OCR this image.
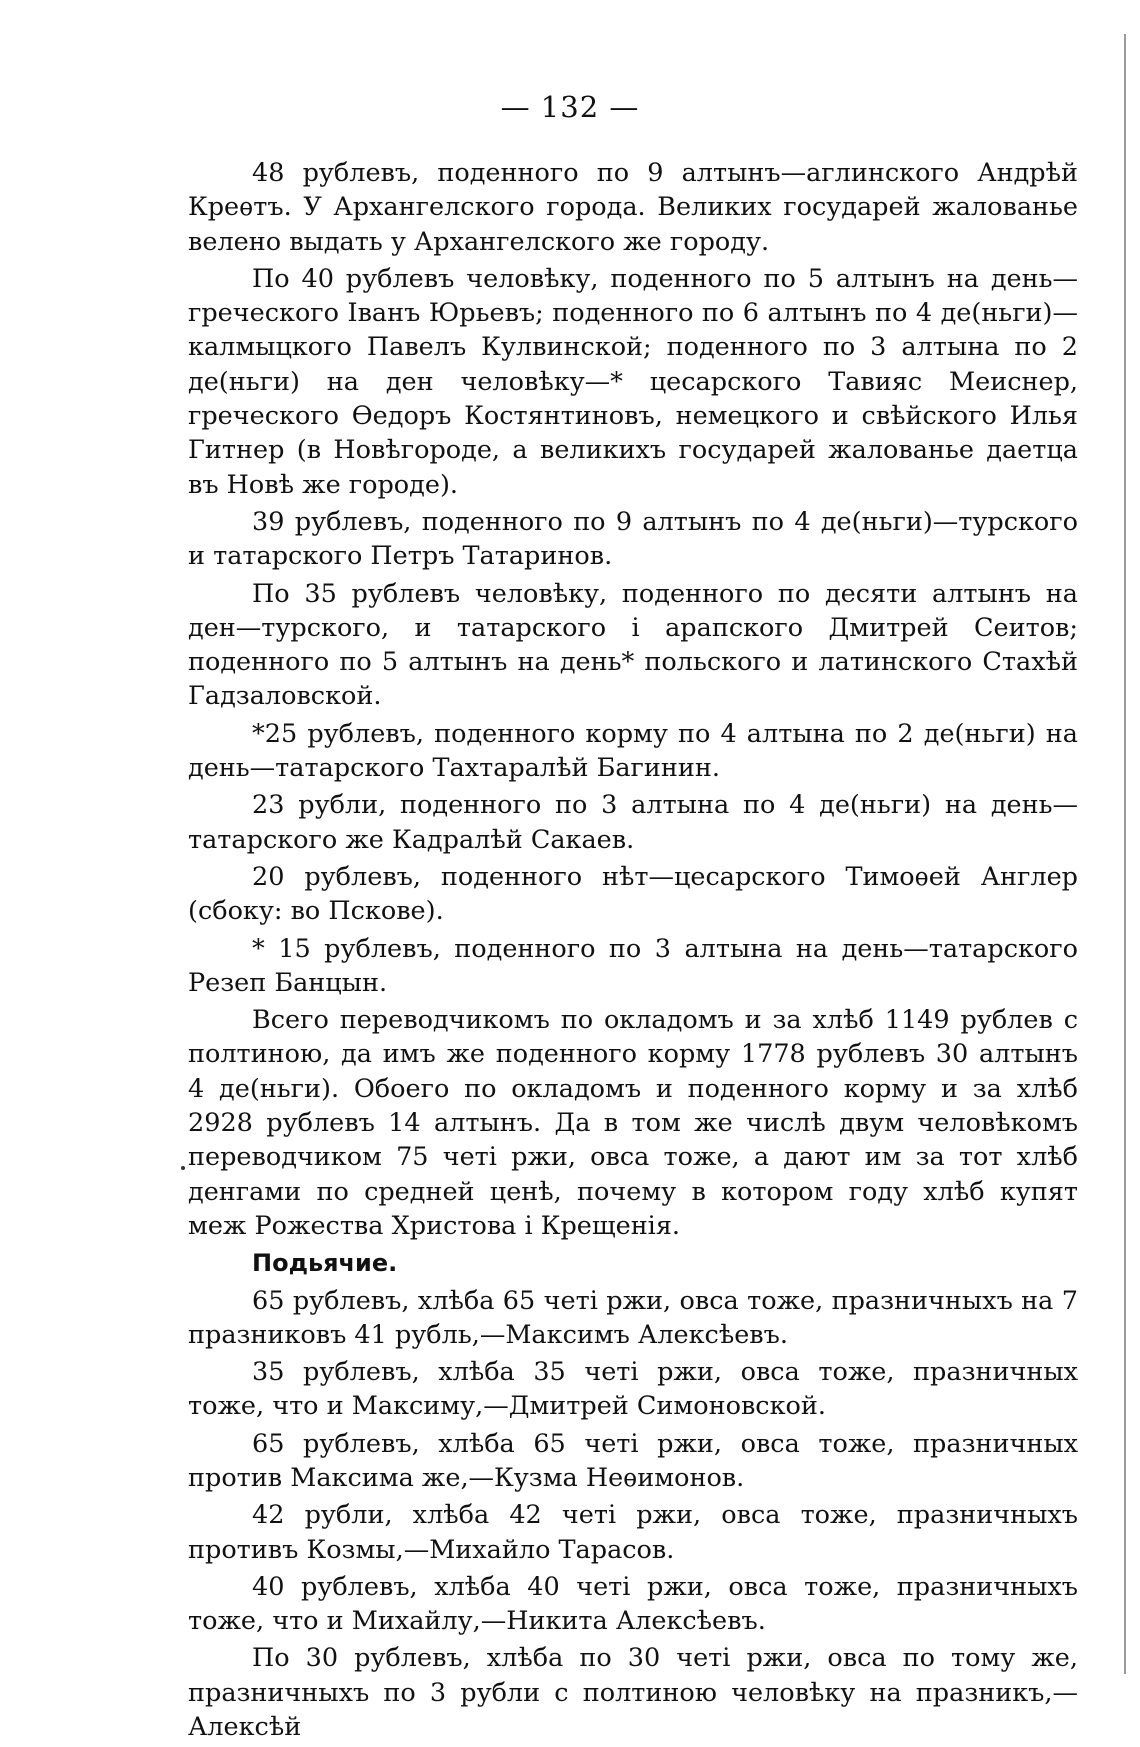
— 132 —

48 рублевъ, поденного по 9 алтынъ—аглинского Андрѣй Креѳтъ. У Архангелского города. Великих государей жалованье велено выдать у Архангелского же городу.

По 40 рублевъ человѣку, поденного по 5 алтынъ на день—греческого Іванъ Юрьевъ; поденного по 6 алтынъ по 4 де(ньги)—калмыцкого Павелъ Кулвинской; поденного по 3 алтына по 2 де(ньги) на ден человѣку—* цесарского Тавияс Меиснер, греческого Ѳедоръ Костянтиновъ, немецкого и свѣйского Илья Гитнер (в Новѣгороде, а великихъ государей жалованье даетца въ Новѣ же городе).

39 рублевъ, поденного по 9 алтынъ по 4 де(ньги)—турского и татарского Петръ Татаринов.

По 35 рублевъ человѣку, поденного по десяти алтынъ на ден—турского, и татарского і арапского Дмитрей Сеитов; поденного по 5 алтынъ на день* польского и латинского Стахѣй Гадзаловской.

*25 рублевъ, поденного корму по 4 алтына по 2 де(ньги) на день—татарского Тахтаралѣй Багинин.

23 рубли, поденного по 3 алтына по 4 де(ньги) на день—татарского же Кадралѣй Сакаев.

20 рублевъ, поденного нѣт—цесарского Тимоѳей Англер (сбоку: во Пскове).

* 15 рублевъ, поденного по 3 алтына на день—татарского Резеп Банцын.

Всего переводчикомъ по окладомъ и за хлѣб 1149 рублев с полтиною, да имъ же поденного корму 1778 рублевъ 30 алтынъ 4 де(ньги). Обоего по окладомъ и поденного корму и за хлѣб 2928 рублевъ 14 алтынъ. Да в том же числѣ двум человѣкомъ переводчиком 75 четі ржи, овса тоже, а дают им за тот хлѣб денгами по средней ценѣ, почему в котором году хлѣб купят меж Рожества Христова і Крещенія.

Подьячие.

65 рублевъ, хлѣба 65 четі ржи, овса тоже, празничныхъ на 7 празниковъ 41 рубль,—Максимъ Алексѣевъ.

35 рублевъ, хлѣба 35 четі ржи, овса тоже, празничных тоже, что и Максиму,—Дмитрей Симоновской.

65 рублевъ, хлѣба 65 четі ржи, овса тоже, празничных против Максима же,—Кузма Неѳимонов.

42 рубли, хлѣба 42 четі ржи, овса тоже, празничныхъ противъ Козмы,—Михайло Тарасов.

40 рублевъ, хлѣба 40 четі ржи, овса тоже, празничныхъ тоже, что и Михайлу,—Никита Алексѣевъ.

По 30 рублевъ, хлѣба по 30 четі ржи, овса по тому же, празничныхъ по 3 рубли с полтиною человѣку на празникъ,—Алексѣй
